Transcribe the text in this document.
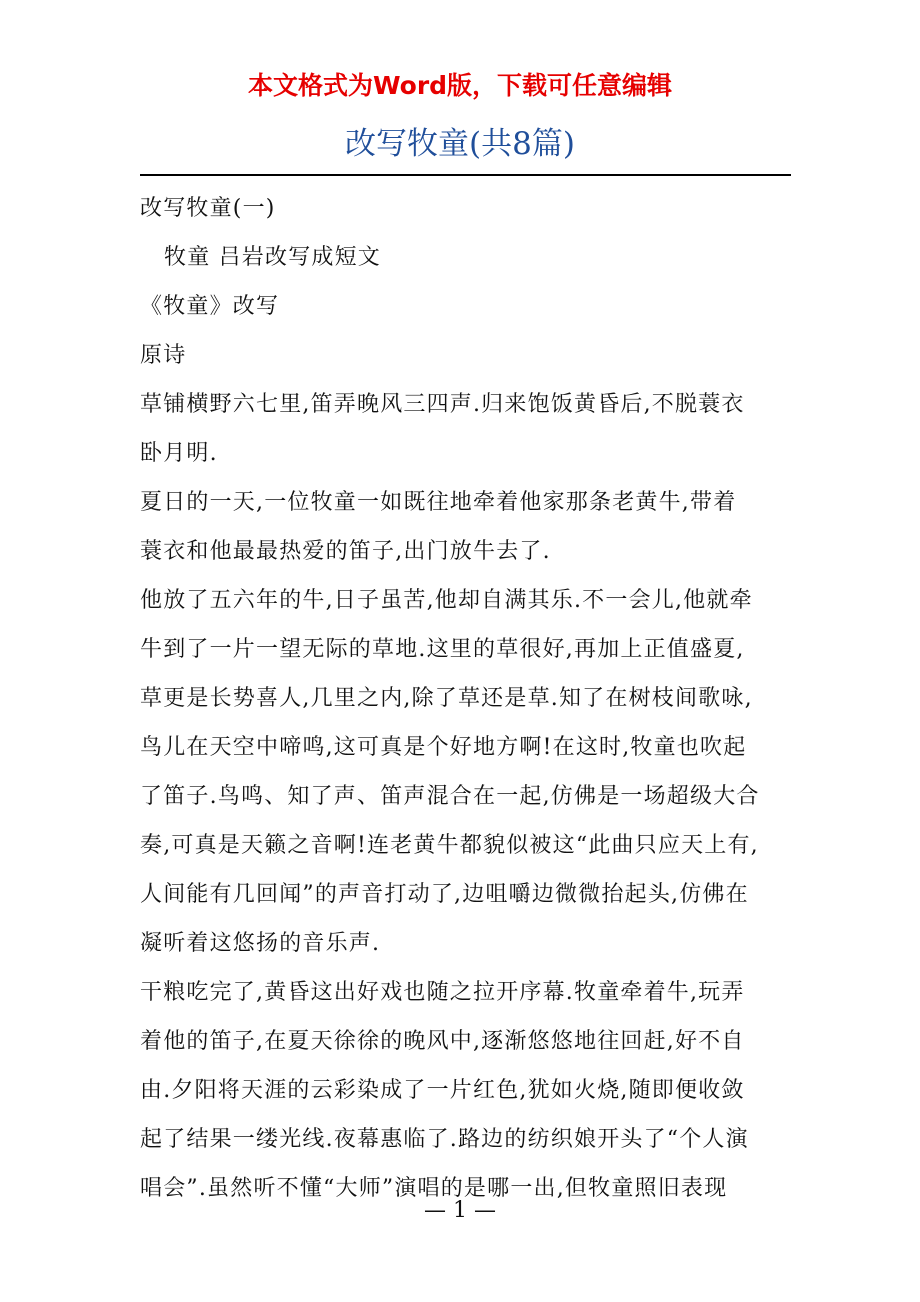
本文格式为Word版，下载可任意编辑
改写牧童(共8篇)
改写牧童(一)
牧童 吕岩改写成短文
《牧童》改写
原诗
草铺横野六七里,笛弄晚风三四声.归来饱饭黄昏后,不脱蓑衣
卧月明.
夏日的一天,一位牧童一如既往地牵着他家那条老黄牛,带着
蓑衣和他最最热爱的笛子,出门放牛去了.
他放了五六年的牛,日子虽苦,他却自满其乐.不一会儿,他就牵
牛到了一片一望无际的草地.这里的草很好,再加上正值盛夏,
草更是长势喜人,几里之内,除了草还是草.知了在树枝间歌咏,
鸟儿在天空中啼鸣,这可真是个好地方啊!在这时,牧童也吹起
了笛子.鸟鸣、知了声、笛声混合在一起,仿佛是一场超级大合
奏,可真是天籁之音啊!连老黄牛都貌似被这“此曲只应天上有,
人间能有几回闻”的声音打动了,边咀嚼边微微抬起头,仿佛在
凝听着这悠扬的音乐声.
干粮吃完了,黄昏这出好戏也随之拉开序幕.牧童牵着牛,玩弄
着他的笛子,在夏天徐徐的晚风中,逐渐悠悠地往回赶,好不自
由.夕阳将天涯的云彩染成了一片红色,犹如火烧,随即便收敛
起了结果一缕光线.夜幕惠临了.路边的纺织娘开头了“个人演
唱会”.虽然听不懂“大师”演唱的是哪一出,但牧童照旧表现
— 1 —
